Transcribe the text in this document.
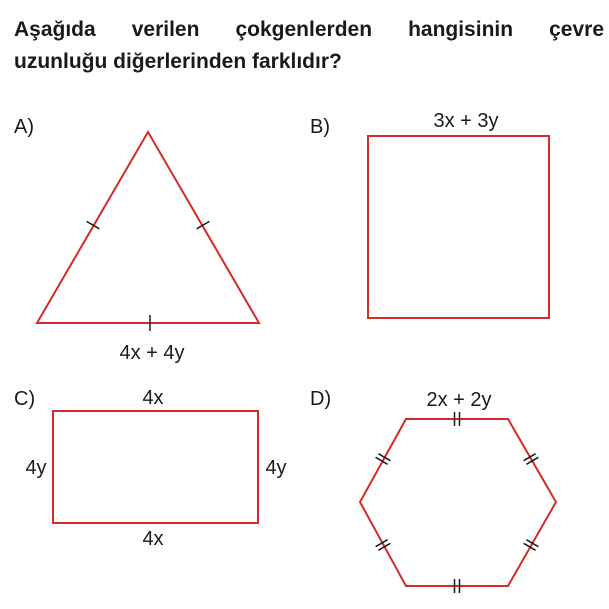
Aşağıda verilen çokgenlerden hangisinin çevre
uzunluğu diğerlerinden farklıdır?
A)
4x + 4y
B)	3x + 3y
C)	4x
4y	4y
4x
D)	2x + 2y
